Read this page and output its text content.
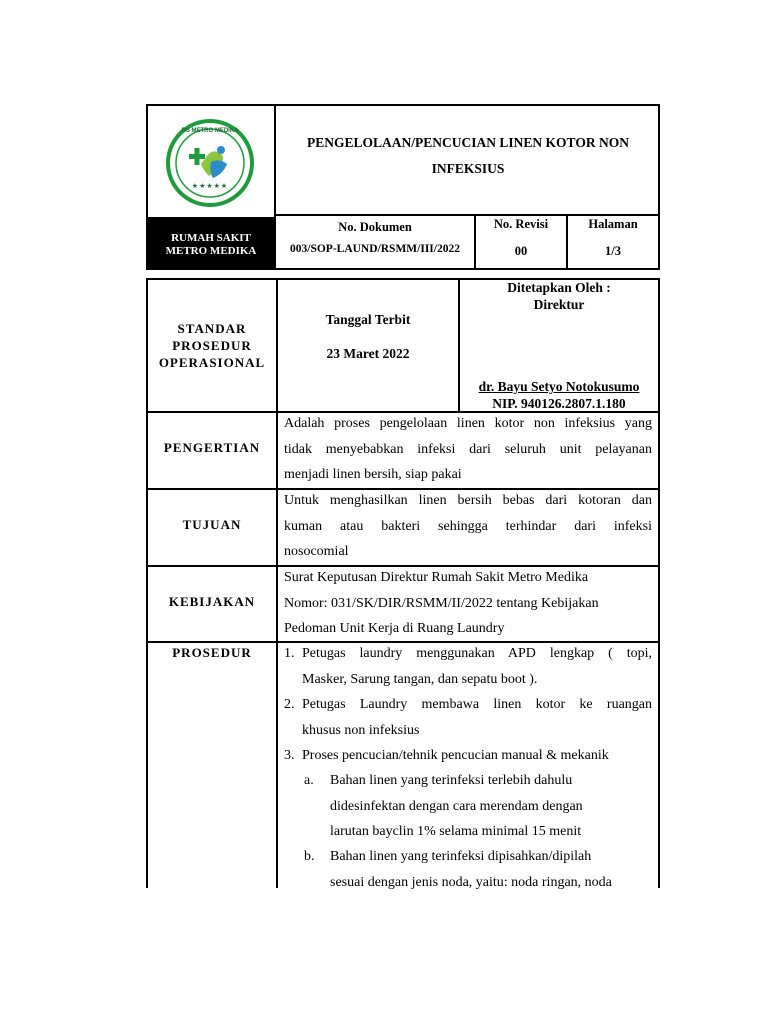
RS METRO MEDIKA
★★★★★
PENGELOLAAN/PENCUCIAN LINEN KOTOR NON INFEKSIUS
RUMAH SAKIT
METRO MEDIKA
No. Dokumen
003/SOP-LAUND/RSMM/III/2022
No. Revisi
00
Halaman
1/3
STANDAR
PROSEDUR
OPERASIONAL
Tanggal Terbit
23 Maret 2022
Ditetapkan Oleh :
Direktur
dr. Bayu Setyo Notokusumo
NIP. 940126.2807.1.180
PENGERTIAN
Adalah proses pengelolaan linen kotor non infeksius yang
tidak menyebabkan infeksi dari seluruh unit pelayanan
menjadi linen bersih, siap pakai
TUJUAN
Untuk menghasilkan linen bersih bebas dari kotoran dan
kuman atau bakteri sehingga terhindar dari infeksi
nosocomial
KEBIJAKAN
Surat Keputusan Direktur Rumah Sakit Metro Medika
Nomor: 031/SK/DIR/RSMM/II/2022 tentang Kebijakan
Pedoman Unit Kerja di Ruang Laundry
PROSEDUR	1. Petugas laundry menggunakan APD lengkap ( topi,
Masker, Sarung tangan, dan sepatu boot ).
2. Petugas Laundry membawa linen kotor ke ruangan
khusus non infeksius
3. Proses pencucian/tehnik pencucian manual & mekanik
a. Bahan linen yang terinfeksi terlebih dahulu
didesinfektan dengan cara merendam dengan
larutan bayclin 1% selama minimal 15 menit
b. Bahan linen yang terinfeksi dipisahkan/dipilah
sesuai dengan jenis noda, yaitu: noda ringan, noda
